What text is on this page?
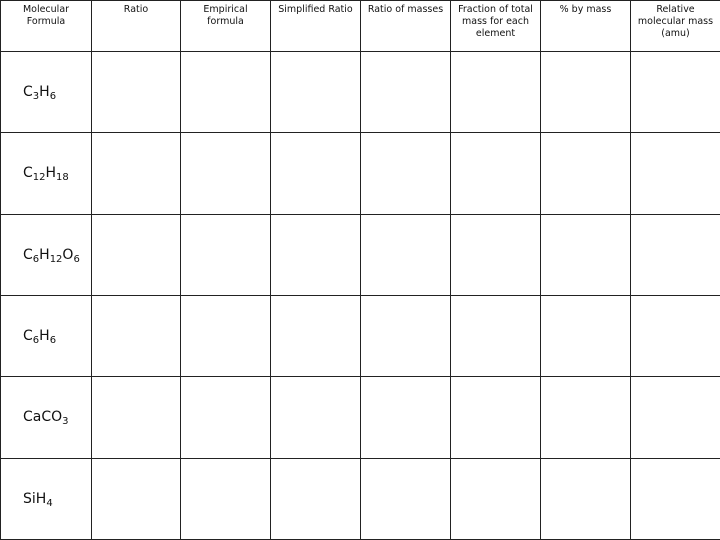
Molecular Formula	Ratio	Empirical formula	Simplified Ratio	Ratio of masses	Fraction of total mass for each element	% by mass	Relative molecular mass (amu)

$C_3H_6$							
$C_{12}H_{18}$							
$C_6H_{12}O_6$							
$C_6H_6$							
CaCO$_3$							
SiH$_4$							
